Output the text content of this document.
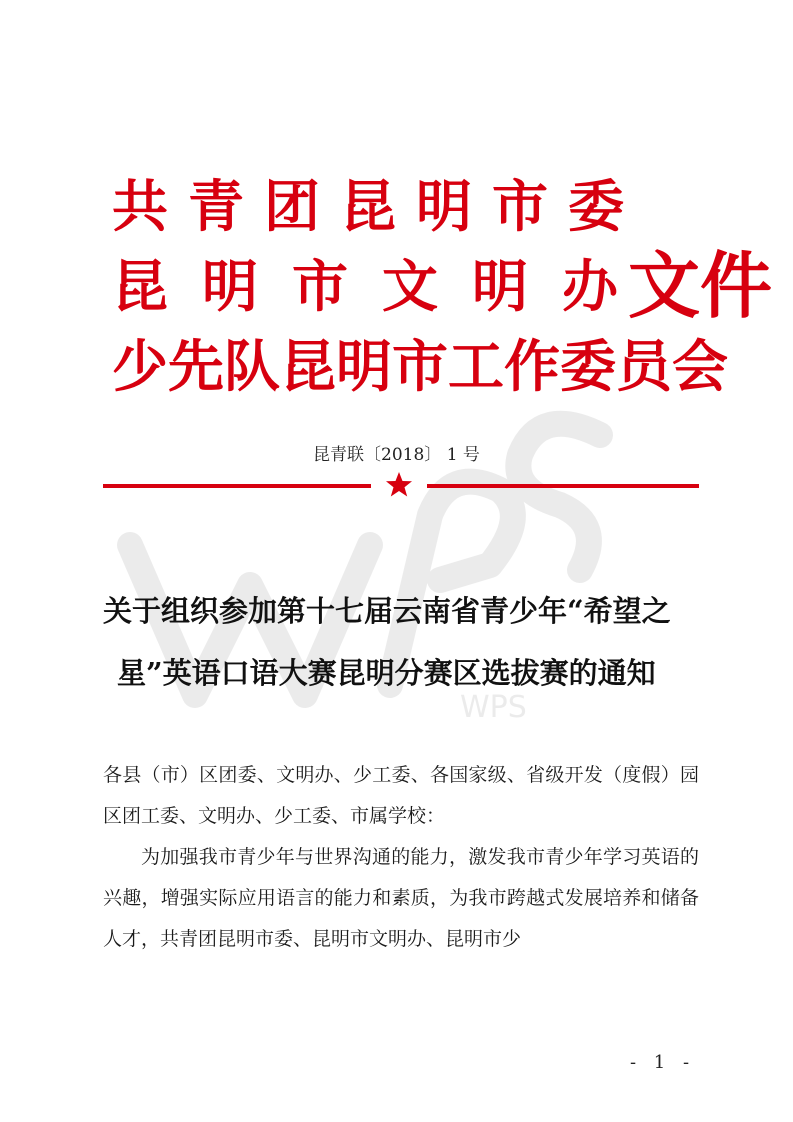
WPS
共青团昆明市委
昆明市文明办
少先队昆明市工作委员会
文件
昆青联〔2018〕 1 号
关于组织参加第十七届云南省青少年“希望之
星”英语口语大赛昆明分赛区选拔赛的通知

各县（市）区团委、文明办、少工委、各国家级、省级开发（度假）园区团工委、文明办、少工委、市属学校：

为加强我市青少年与世界沟通的能力，激发我市青少年学习英语的兴趣，增强实际应用语言的能力和素质，为我市跨越式发展培养和储备人才，共青团昆明市委、昆明市文明办、昆明市少

- 1 -
